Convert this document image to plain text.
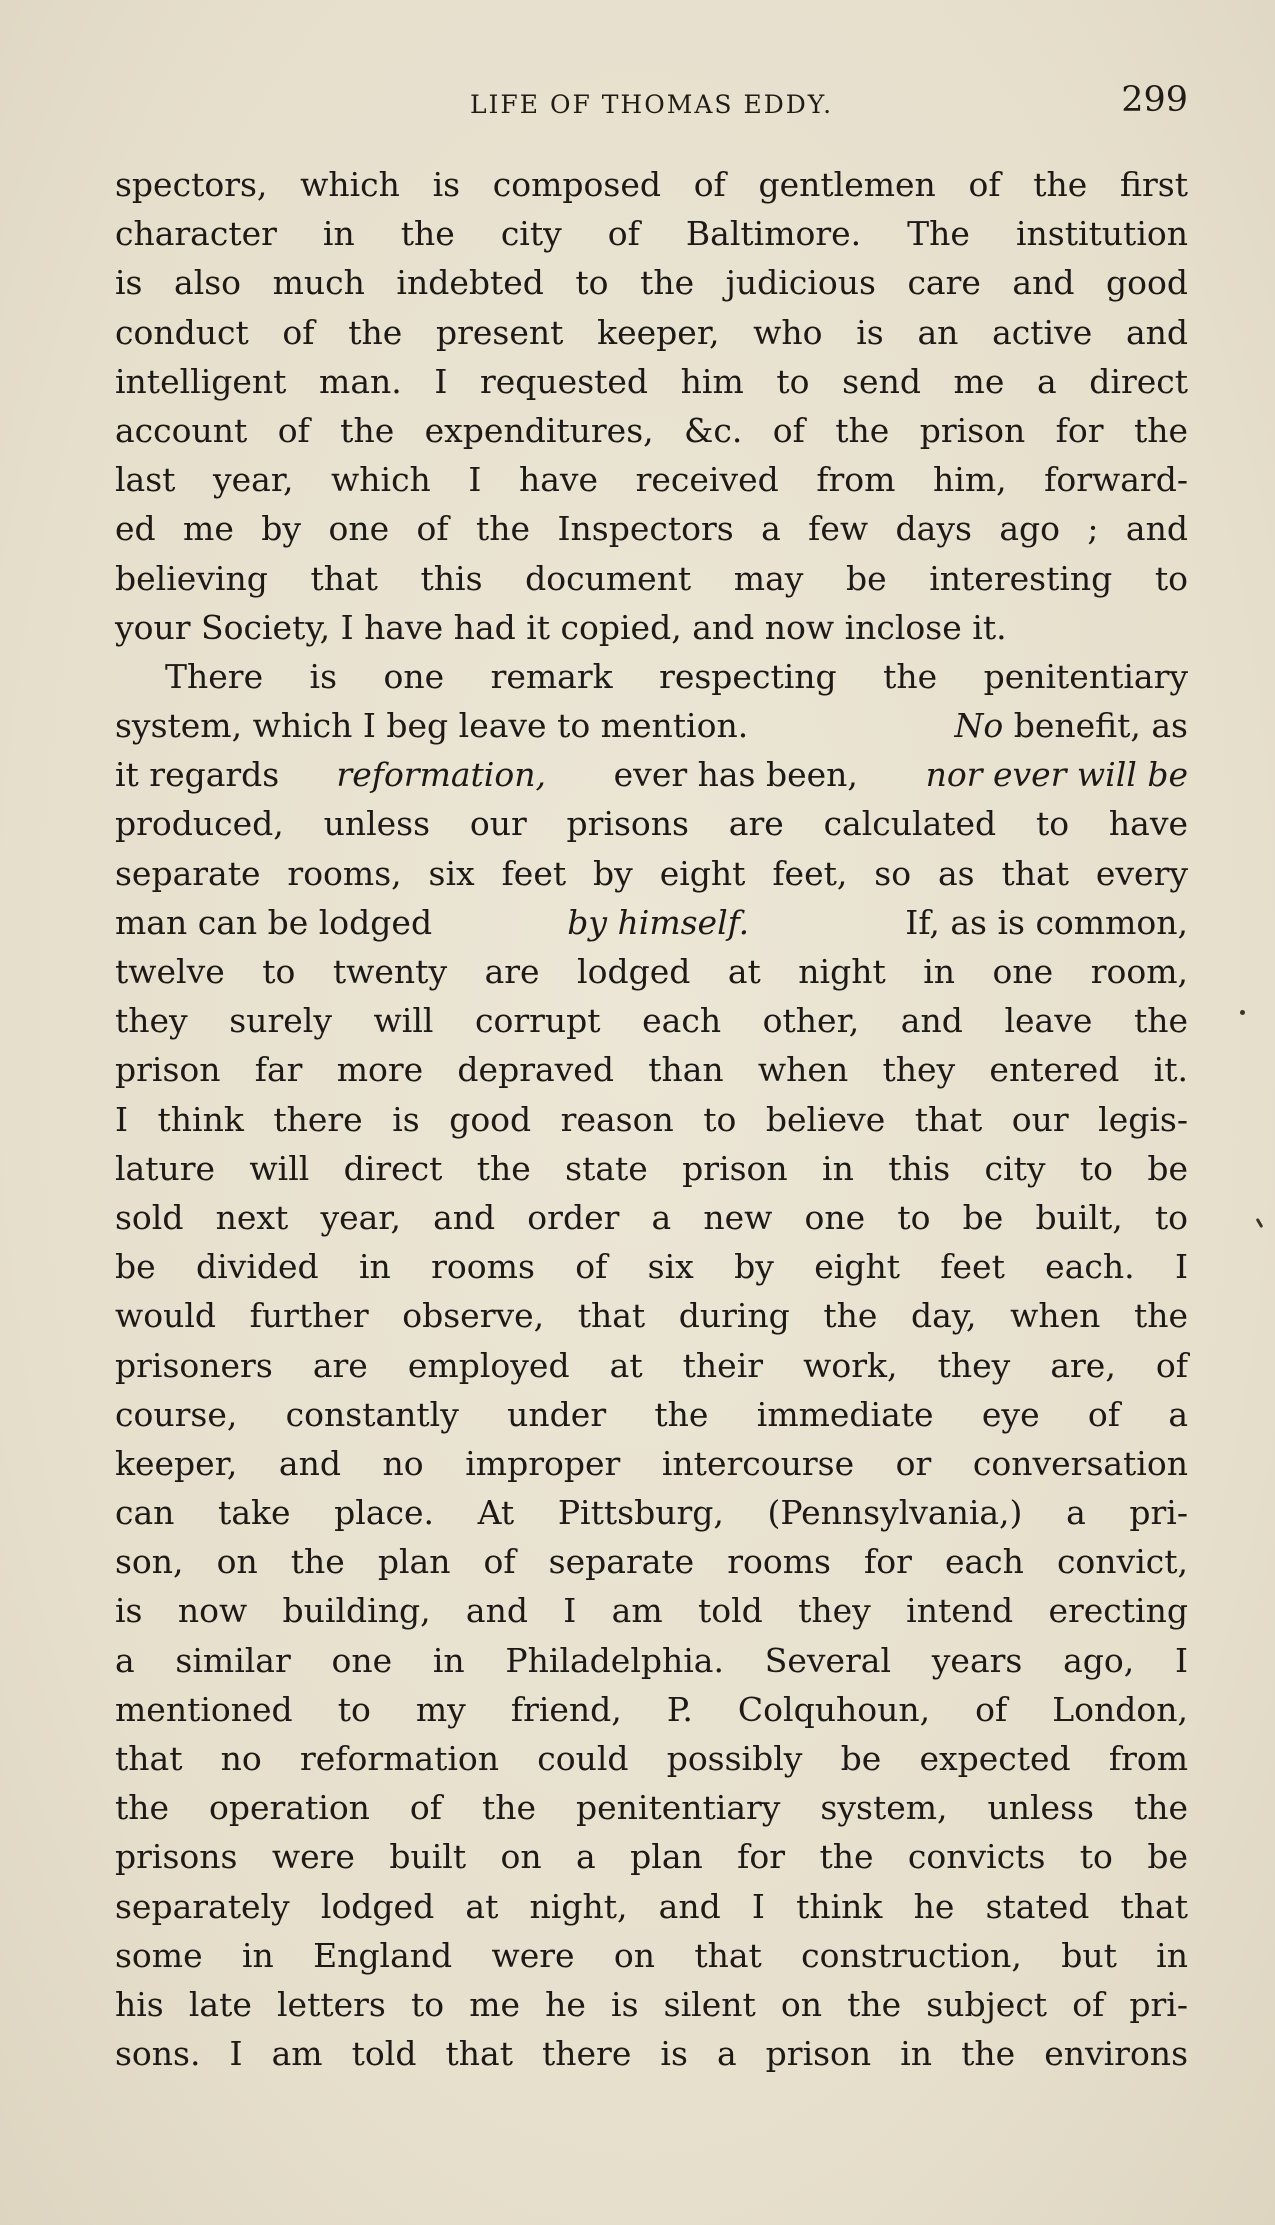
LIFE OF THOMAS EDDY.	299
spectors, which is composed of gentlemen of the first
character in the city of Baltimore. The institution
is also much indebted to the judicious care and good
conduct of the present keeper, who is an active and
intelligent man. I requested him to send me a direct
account of the expenditures, &c. of the prison for the
last year, which I have received from him, forward-
ed me by one of the Inspectors a few days ago ; and
believing that this document may be interesting to
your Society, I have had it copied, and now inclose it.
There is one remark respecting the penitentiary
system, which I beg leave to mention.	No benefit, as
it regards reformation, ever has been, nor ever will be
produced, unless our prisons are calculated to have
separate rooms, six feet by eight feet, so as that every
man can be lodged	by himself.	If, as is common,
twelve to twenty are lodged at night in one room,
they surely will corrupt each other, and leave the
prison far more depraved than when they entered it.
I think there is good reason to believe that our legis-
lature will direct the state prison in this city to be
sold next year, and order a new one to be built, to
be divided in rooms of six by eight feet each. I
would further observe, that during the day, when the
prisoners are employed at their work, they are, of
course, constantly under the immediate eye of a
keeper, and no improper intercourse or conversation
can take place. At Pittsburg, (Pennsylvania,) a pri-
son, on the plan of separate rooms for each convict,
is now building, and I am told they intend erecting
a similar one in Philadelphia. Several years ago, I
mentioned to my friend, P. Colquhoun, of London,
that no reformation could possibly be expected from
the operation of the penitentiary system, unless the
prisons were built on a plan for the convicts to be
separately lodged at night, and I think he stated that
some in England were on that construction, but in
his late letters to me he is silent on the subject of pri-
sons. I am told that there is a prison in the environs
